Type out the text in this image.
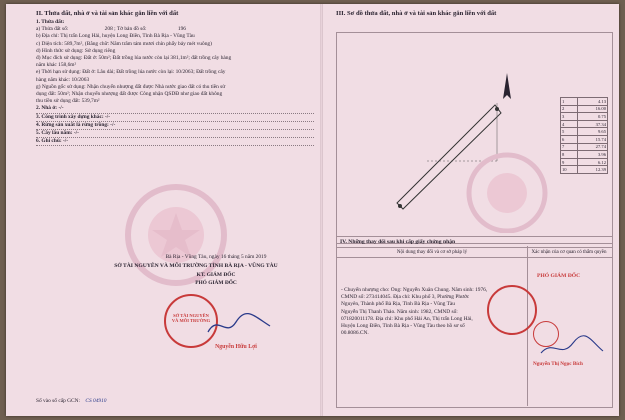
II. Thửa đất, nhà ở và tài sản khác gắn liền với đất
1. Thửa đất:
a) Thửa đất số:	208 ; Tờ bản đồ số:	196
b) Địa chỉ: Thị trấn Long Hải, huyện Long Điền, Tỉnh Bà Rịa - Vũng Tàu
c) Diện tích: 589,7m², (Bằng chữ: Năm trăm tám mươi chín phẩy bảy mét vuông)
d) Hình thức sử dụng: Sử dụng riêng
đ) Mục đích sử dụng: Đất ở: 50m²; Đất trồng lúa nước còn lại 381,1m²; đất trồng cây hàng
năm khác 158,6m²
e) Thời hạn sử dụng: Đất ở: Lâu dài; Đất trồng lúa nước còn lại: 10/2063; Đất trồng cây
hàng năm khác: 10/2063
g) Nguồn gốc sử dụng: Nhận chuyển nhượng đất được Nhà nước giao đất có thu tiền sử
dụng đất: 50m²; Nhận chuyển nhượng đất được Công nhận QSDĐ như giao đất không
thu tiền sử dụng đất: 539,7m²
2. Nhà ở: -/-
3. Công trình xây dựng khác: -/-
4. Rừng sản xuất là rừng trồng: -/-
5. Cây lâu năm: -/-
6. Ghi chú: -/-
Bà Rịa - Vũng Tàu, ngày 16 tháng 5 năm 2019
SỞ TÀI NGUYÊN VÀ MÔI TRƯỜNG TỈNH BÀ RỊA - VŨNG TÀU
KT. GIÁM ĐỐC
PHÓ GIÁM ĐỐC
SỞ TÀI NGUYÊN VÀ MÔI TRƯỜNG
Nguyễn Hữu Lợi
Số vào sổ cấp GCN: CS 04910
III. Sơ đồ thửa đất, nhà ở và tài sản khác gắn liền với đất
1	4.13
2	16.00
3	0.75
4	37.34
5	9.65
6	15.74
7	27.74
8	3.96
9	6.12
10	12.39
IV. Những thay đổi sau khi cấp giấy chứng nhận
Nội dung thay đổi và cơ sở pháp lý	Xác nhận của cơ quan có thẩm quyền
PHÓ GIÁM ĐỐC
- Chuyển nhượng cho: Ông: Nguyễn Xuân Chung. Năm sinh: 1976,
CMND số: 273414045. Địa chỉ: Khu phố 3, Phường Phước
Nguyên, Thành phố Bà Rịa, Tỉnh Bà Rịa - Vũng Tàu
Nguyễn Thị Thanh Thảo. Năm sinh: 1982, CMND số:
071820011178. Địa chỉ: Khu phố Hải An, Thị trấn Long Hải,
Huyện Long Điền, Tỉnh Bà Rịa - Vũng Tàu theo hồ sơ số
00.8086.CN.
Nguyễn Thị Ngọc Bích
